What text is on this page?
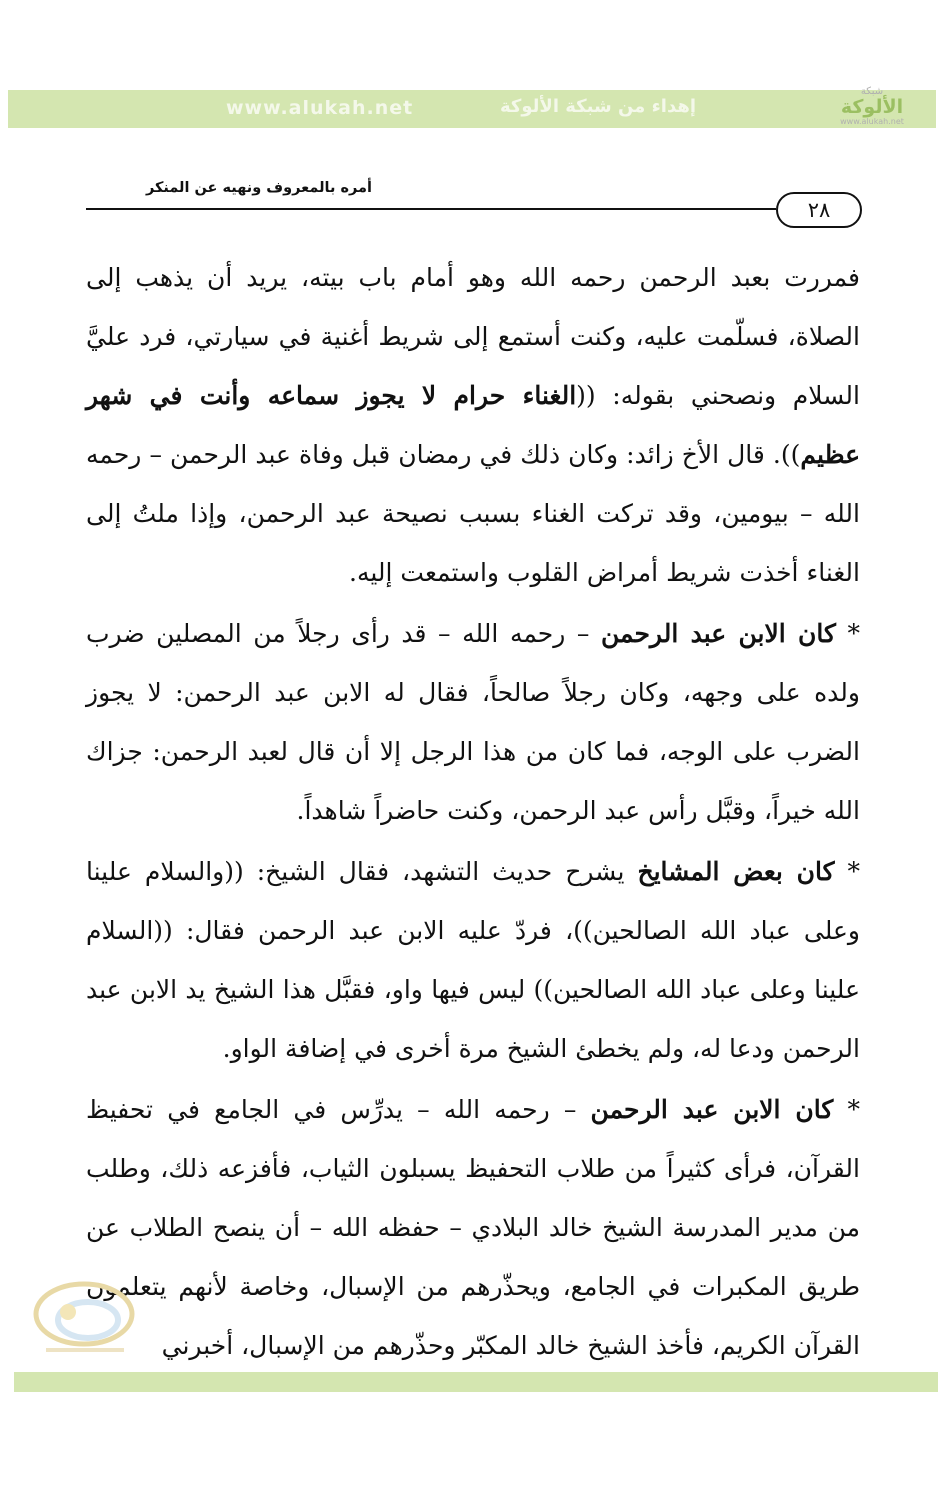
www.alukah.net	إهداء من شبكة الألوكة
شبكة
الألوكة
www.alukah.net
أمره بالمعروف ونهيه عن المنكر
٢٨

فمررت بعبد الرحمن رحمه الله وهو أمام باب بيته، يريد أن يذهب إلى الصلاة، فسلّمت عليه، وكنت أستمع إلى شريط أغنية في سيارتي، فرد عليَّ السلام ونصحني بقوله: ((الغناء حرام لا يجوز سماعه وأنت في شهر عظيم)). قال الأخ زائد: وكان ذلك في رمضان قبل وفاة عبد الرحمن – رحمه الله – بيومين، وقد تركت الغناء بسبب نصيحة عبد الرحمن، وإذا ملتُ إلى الغناء أخذت شريط أمراض القلوب واستمعت إليه.

* كان الابن عبد الرحمن – رحمه الله – قد رأى رجلاً من المصلين ضرب ولده على وجهه، وكان رجلاً صالحاً، فقال له الابن عبد الرحمن: لا يجوز الضرب على الوجه، فما كان من هذا الرجل إلا أن قال لعبد الرحمن: جزاك الله خيراً، وقبَّل رأس عبد الرحمن، وكنت حاضراً شاهداً.

* كان بعض المشايخ يشرح حديث التشهد، فقال الشيخ: ((والسلام علينا وعلى عباد الله الصالحين))، فردّ عليه الابن عبد الرحمن فقال: ((السلام علينا وعلى عباد الله الصالحين)) ليس فيها واو، فقبَّل هذا الشيخ يد الابن عبد الرحمن ودعا له، ولم يخطئ الشيخ مرة أخرى في إضافة الواو.

* كان الابن عبد الرحمن – رحمه الله – يدرِّس في الجامع في تحفيظ القرآن، فرأى كثيراً من طلاب التحفيظ يسبلون الثياب، فأفزعه ذلك، وطلب من مدير المدرسة الشيخ خالد البلادي – حفظه الله – أن ينصح الطلاب عن طريق المكبرات في الجامع، ويحذّرهم من الإسبال، وخاصة لأنهم يتعلمون القرآن الكريم، فأخذ الشيخ خالد المكبّر وحذّرهم من الإسبال، أخبرني
